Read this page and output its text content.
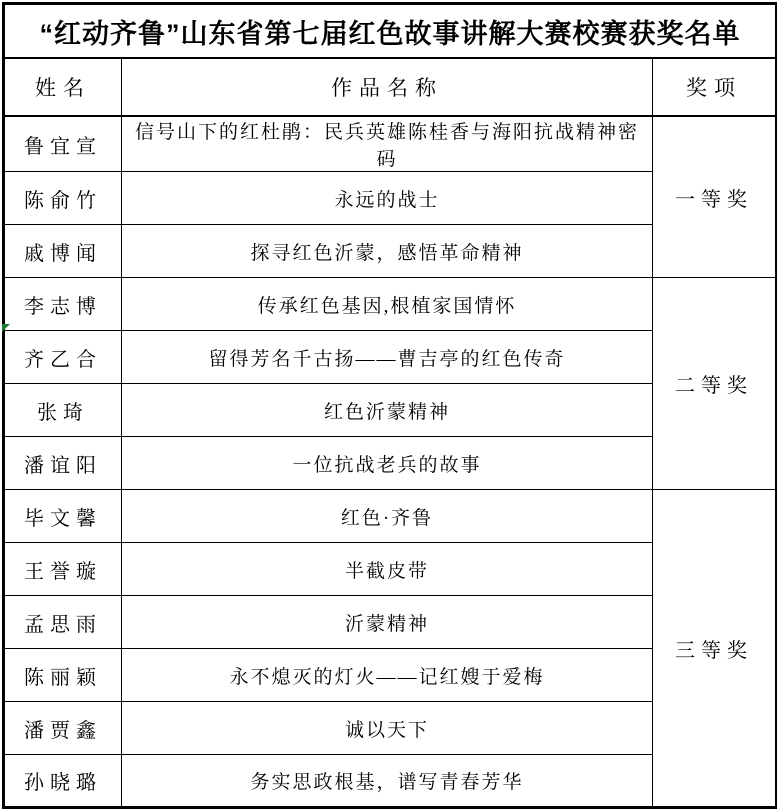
“红动齐鲁”山东省第七届红色故事讲解大赛校赛获奖名单		
姓名	作品名称	奖项
鲁宜宣	信号山下的红杜鹃：民兵英雄陈桂香与海阳抗战精神密码	一等奖
陈俞竹	永远的战士	
戚博闻	探寻红色沂蒙，感悟革命精神	
李志博	传承红色基因,根植家国情怀	二等奖
齐乙合	留得芳名千古扬——曹吉亭的红色传奇	
张琦	红色沂蒙精神	
潘谊阳	一位抗战老兵的故事	
毕文馨	红色·齐鲁	三等奖
王誉璇	半截皮带	
孟思雨	沂蒙精神	
陈丽颖	永不熄灭的灯火——记红嫂于爱梅	
潘贾鑫	诚以天下	
孙晓璐	务实思政根基，谱写青春芳华	
